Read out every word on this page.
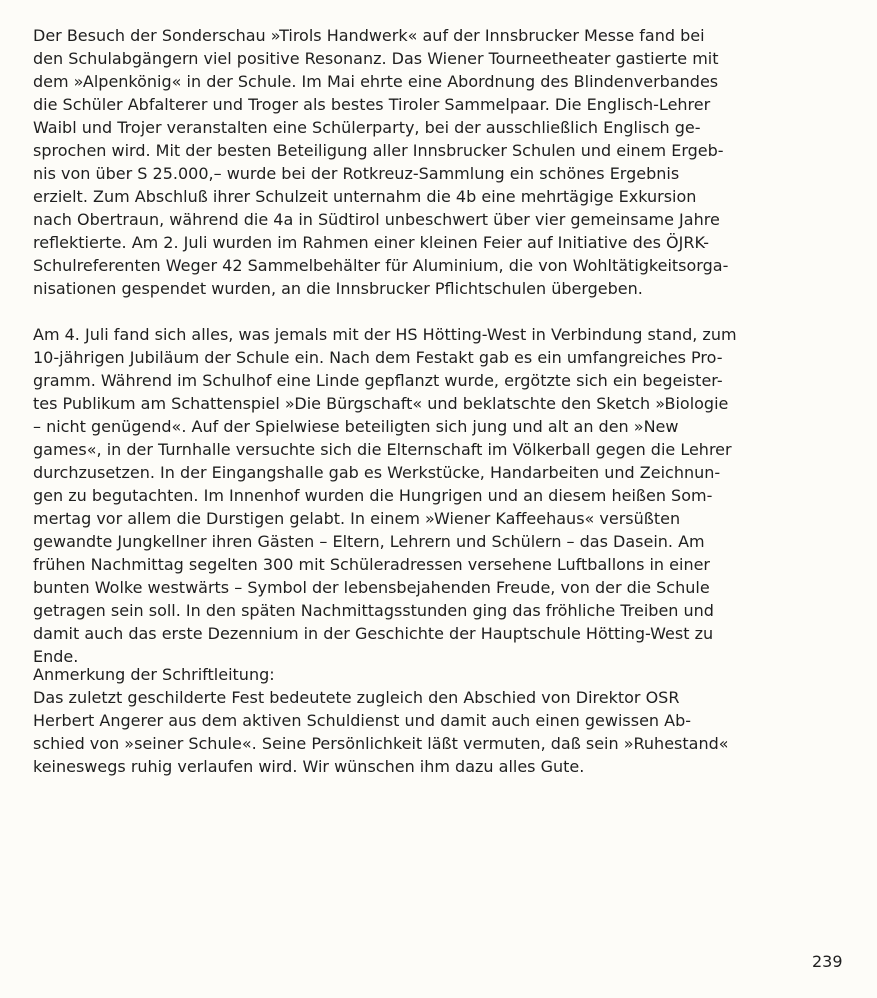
Der Besuch der Sonderschau »Tirols Handwerk« auf der Innsbrucker Messe fand bei
den Schulabgängern viel positive Resonanz. Das Wiener Tourneetheater gastierte mit
dem »Alpenkönig« in der Schule. Im Mai ehrte eine Abordnung des Blindenverbandes
die Schüler Abfalterer und Troger als bestes Tiroler Sammelpaar. Die Englisch-Lehrer
Waibl und Trojer veranstalten eine Schülerparty, bei der ausschließlich Englisch ge-
sprochen wird. Mit der besten Beteiligung aller Innsbrucker Schulen und einem Ergeb-
nis von über S 25.000,– wurde bei der Rotkreuz-Sammlung ein schönes Ergebnis
erzielt. Zum Abschluß ihrer Schulzeit unternahm die 4b eine mehrtägige Exkursion
nach Obertraun, während die 4a in Südtirol unbeschwert über vier gemeinsame Jahre
reflektierte. Am 2. Juli wurden im Rahmen einer kleinen Feier auf Initiative des ÖJRK-
Schulreferenten Weger 42 Sammelbehälter für Aluminium, die von Wohltätigkeitsorga-
nisationen gespendet wurden, an die Innsbrucker Pflichtschulen übergeben.
Am 4. Juli fand sich alles, was jemals mit der HS Hötting-West in Verbindung stand, zum
10-jährigen Jubiläum der Schule ein. Nach dem Festakt gab es ein umfangreiches Pro-
gramm. Während im Schulhof eine Linde gepflanzt wurde, ergötzte sich ein begeister-
tes Publikum am Schattenspiel »Die Bürgschaft« und beklatschte den Sketch »Biologie
– nicht genügend«. Auf der Spielwiese beteiligten sich jung und alt an den »New
games«, in der Turnhalle versuchte sich die Elternschaft im Völkerball gegen die Lehrer
durchzusetzen. In der Eingangshalle gab es Werkstücke, Handarbeiten und Zeichnun-
gen zu begutachten. Im Innenhof wurden die Hungrigen und an diesem heißen Som-
mertag vor allem die Durstigen gelabt. In einem »Wiener Kaffeehaus« versüßten
gewandte Jungkellner ihren Gästen – Eltern, Lehrern und Schülern – das Dasein. Am
frühen Nachmittag segelten 300 mit Schüleradressen versehene Luftballons in einer
bunten Wolke westwärts – Symbol der lebensbejahenden Freude, von der die Schule
getragen sein soll. In den späten Nachmittagsstunden ging das fröhliche Treiben und
damit auch das erste Dezennium in der Geschichte der Hauptschule Hötting-West zu
Ende.
Anmerkung der Schriftleitung:
Das zuletzt geschilderte Fest bedeutete zugleich den Abschied von Direktor OSR
Herbert Angerer aus dem aktiven Schuldienst und damit auch einen gewissen Ab-
schied von »seiner Schule«. Seine Persönlichkeit läßt vermuten, daß sein »Ruhestand«
keineswegs ruhig verlaufen wird. Wir wünschen ihm dazu alles Gute.
239
